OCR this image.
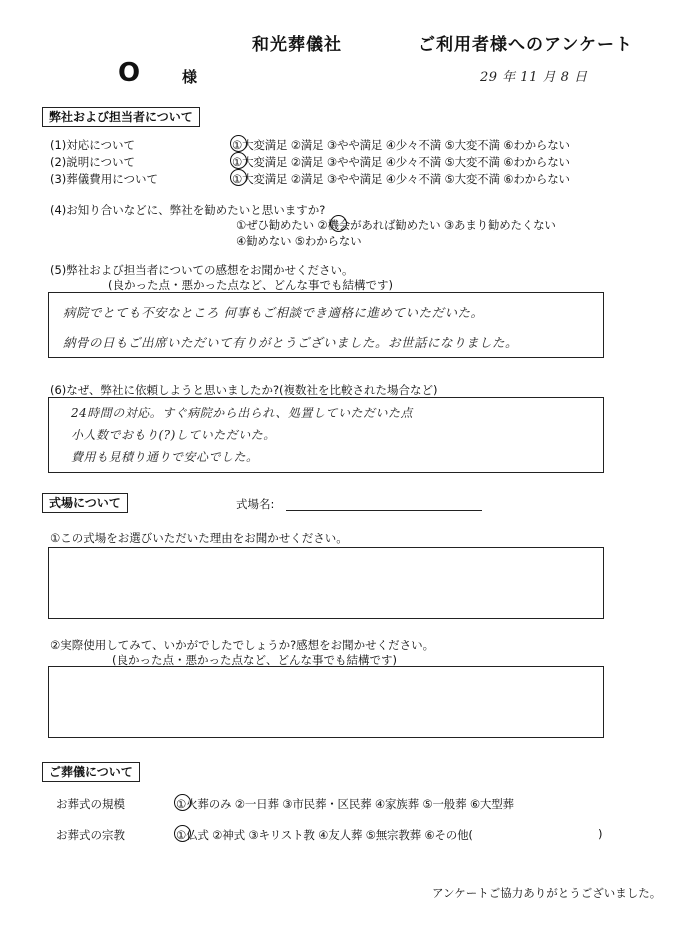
和光葬儀社	ご利用者様へのアンケート
O	様	29 年 11 月 8 日
弊社および担当者について
(1)対応について	①大変満足 ②満足 ③やや満足 ④少々不満 ⑤大変不満 ⑥わからない
(2)説明について	①大変満足 ②満足 ③やや満足 ④少々不満 ⑤大変不満 ⑥わからない
(3)葬儀費用について	①大変満足 ②満足 ③やや満足 ④少々不満 ⑤大変不満 ⑥わからない
(4)お知り合いなどに、弊社を勧めたいと思いますか?
①ぜひ勧めたい ②機会があれば勧めたい ③あまり勧めたくない
④勧めない ⑤わからない
(5)弊社および担当者についての感想をお聞かせください。
(良かった点・悪かった点など、どんな事でも結構です)
病院でとても不安なところ 何事もご相談でき適格に進めていただいた。
納骨の日もご出席いただいて有りがとうございました。お世話になりました。
(6)なぜ、弊社に依頼しようと思いましたか?(複数社を比較された場合など)
24時間の対応。すぐ病院から出られ、処置していただいた点
小人数でおもり(?)していただいた。
費用も見積り通りで安心でした。
式場について	式場名:
①この式場をお選びいただいた理由をお聞かせください。
②実際使用してみて、いかがでしたでしょうか?感想をお聞かせください。
(良かった点・悪かった点など、どんな事でも結構です)
ご葬儀について
お葬式の規模	①火葬のみ ②一日葬 ③市民葬・区民葬 ④家族葬 ⑤一般葬 ⑥大型葬
お葬式の宗教	①仏式 ②神式 ③キリスト教 ④友人葬 ⑤無宗教葬 ⑥その他(	)
アンケートご協力ありがとうございました。
